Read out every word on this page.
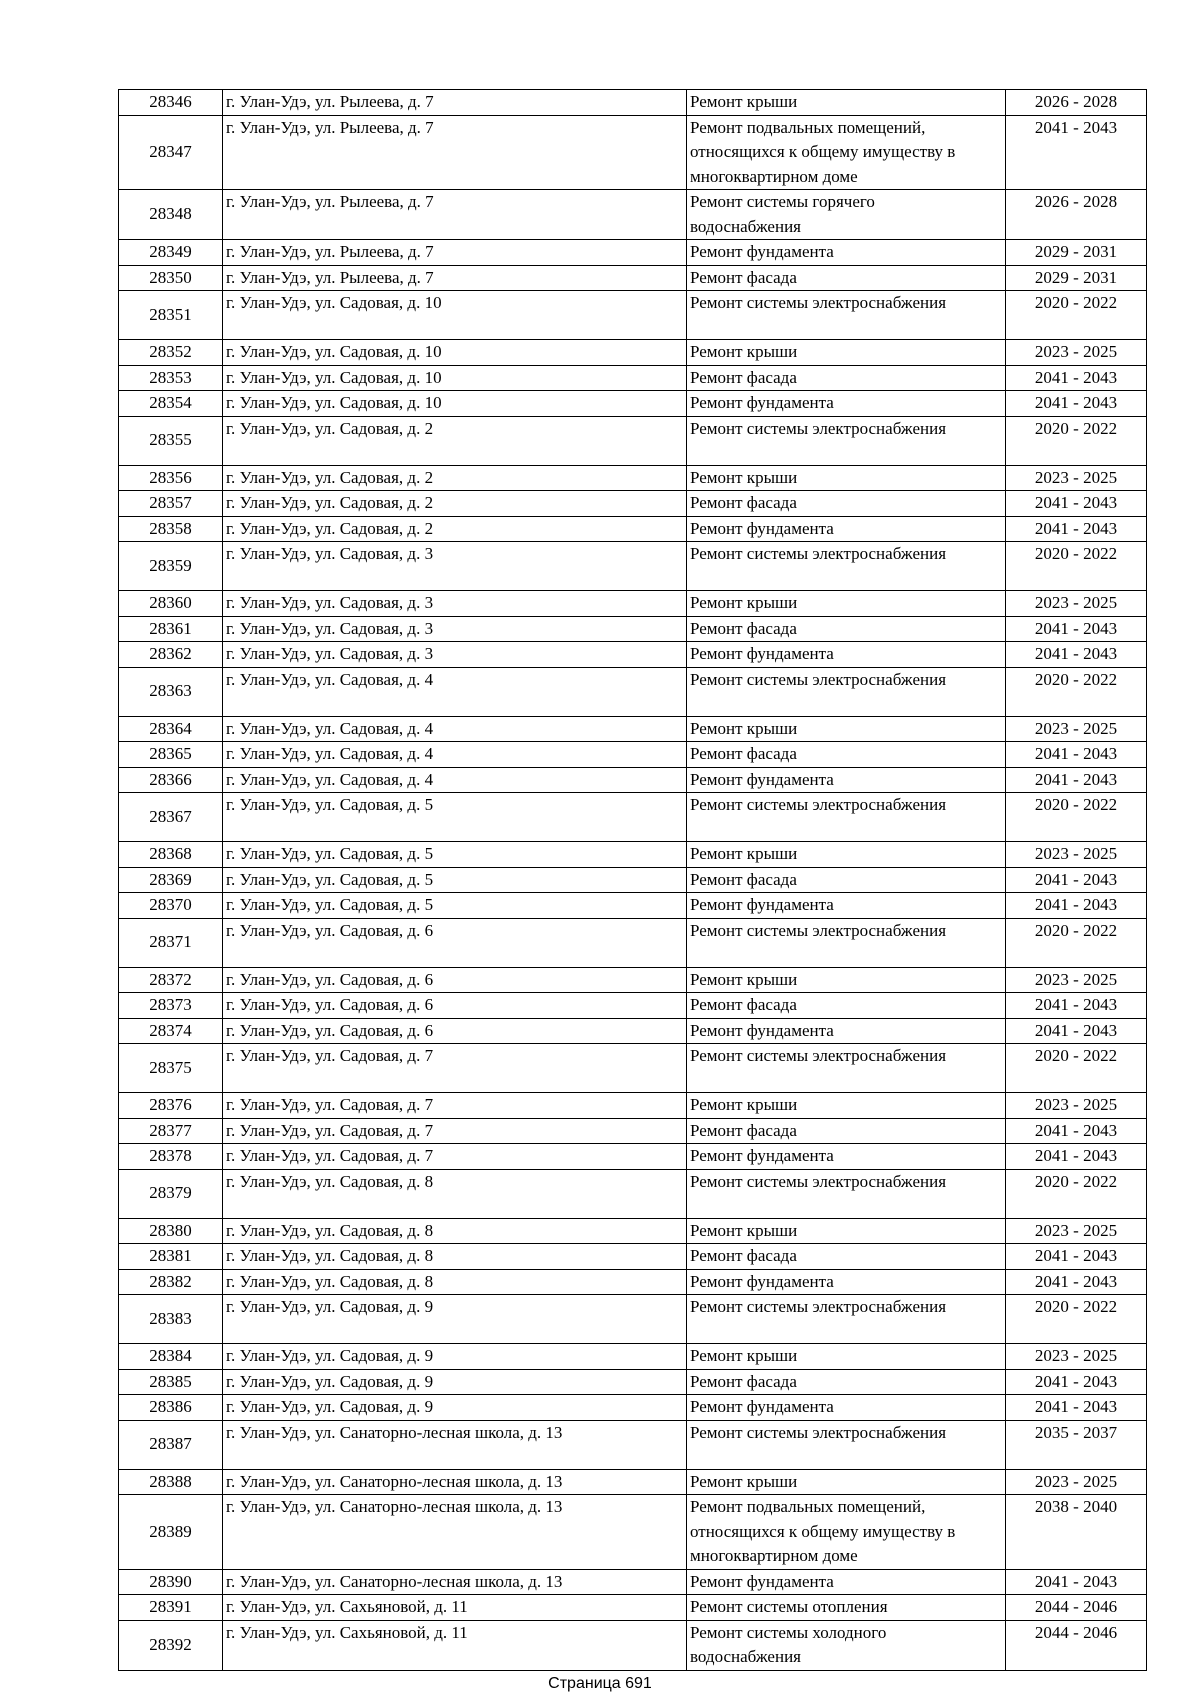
28346	г. Улан-Удэ, ул. Рылеева, д. 7	Ремонт крыши	2026 - 2028
28347	г. Улан-Удэ, ул. Рылеева, д. 7	Ремонт подвальных помещений,
относящихся к общему имуществу в
многоквартирном доме	2041 - 2043
28348	г. Улан-Удэ, ул. Рылеева, д. 7	Ремонт системы горячего
водоснабжения	2026 - 2028
28349	г. Улан-Удэ, ул. Рылеева, д. 7	Ремонт фундамента	2029 - 2031
28350	г. Улан-Удэ, ул. Рылеева, д. 7	Ремонт фасада	2029 - 2031
28351	г. Улан-Удэ, ул. Садовая, д. 10	Ремонт системы электроснабжения	2020 - 2022
28352	г. Улан-Удэ, ул. Садовая, д. 10	Ремонт крыши	2023 - 2025
28353	г. Улан-Удэ, ул. Садовая, д. 10	Ремонт фасада	2041 - 2043
28354	г. Улан-Удэ, ул. Садовая, д. 10	Ремонт фундамента	2041 - 2043
28355	г. Улан-Удэ, ул. Садовая, д. 2	Ремонт системы электроснабжения	2020 - 2022
28356	г. Улан-Удэ, ул. Садовая, д. 2	Ремонт крыши	2023 - 2025
28357	г. Улан-Удэ, ул. Садовая, д. 2	Ремонт фасада	2041 - 2043
28358	г. Улан-Удэ, ул. Садовая, д. 2	Ремонт фундамента	2041 - 2043
28359	г. Улан-Удэ, ул. Садовая, д. 3	Ремонт системы электроснабжения	2020 - 2022
28360	г. Улан-Удэ, ул. Садовая, д. 3	Ремонт крыши	2023 - 2025
28361	г. Улан-Удэ, ул. Садовая, д. 3	Ремонт фасада	2041 - 2043
28362	г. Улан-Удэ, ул. Садовая, д. 3	Ремонт фундамента	2041 - 2043
28363	г. Улан-Удэ, ул. Садовая, д. 4	Ремонт системы электроснабжения	2020 - 2022
28364	г. Улан-Удэ, ул. Садовая, д. 4	Ремонт крыши	2023 - 2025
28365	г. Улан-Удэ, ул. Садовая, д. 4	Ремонт фасада	2041 - 2043
28366	г. Улан-Удэ, ул. Садовая, д. 4	Ремонт фундамента	2041 - 2043
28367	г. Улан-Удэ, ул. Садовая, д. 5	Ремонт системы электроснабжения	2020 - 2022
28368	г. Улан-Удэ, ул. Садовая, д. 5	Ремонт крыши	2023 - 2025
28369	г. Улан-Удэ, ул. Садовая, д. 5	Ремонт фасада	2041 - 2043
28370	г. Улан-Удэ, ул. Садовая, д. 5	Ремонт фундамента	2041 - 2043
28371	г. Улан-Удэ, ул. Садовая, д. 6	Ремонт системы электроснабжения	2020 - 2022
28372	г. Улан-Удэ, ул. Садовая, д. 6	Ремонт крыши	2023 - 2025
28373	г. Улан-Удэ, ул. Садовая, д. 6	Ремонт фасада	2041 - 2043
28374	г. Улан-Удэ, ул. Садовая, д. 6	Ремонт фундамента	2041 - 2043
28375	г. Улан-Удэ, ул. Садовая, д. 7	Ремонт системы электроснабжения	2020 - 2022
28376	г. Улан-Удэ, ул. Садовая, д. 7	Ремонт крыши	2023 - 2025
28377	г. Улан-Удэ, ул. Садовая, д. 7	Ремонт фасада	2041 - 2043
28378	г. Улан-Удэ, ул. Садовая, д. 7	Ремонт фундамента	2041 - 2043
28379	г. Улан-Удэ, ул. Садовая, д. 8	Ремонт системы электроснабжения	2020 - 2022
28380	г. Улан-Удэ, ул. Садовая, д. 8	Ремонт крыши	2023 - 2025
28381	г. Улан-Удэ, ул. Садовая, д. 8	Ремонт фасада	2041 - 2043
28382	г. Улан-Удэ, ул. Садовая, д. 8	Ремонт фундамента	2041 - 2043
28383	г. Улан-Удэ, ул. Садовая, д. 9	Ремонт системы электроснабжения	2020 - 2022
28384	г. Улан-Удэ, ул. Садовая, д. 9	Ремонт крыши	2023 - 2025
28385	г. Улан-Удэ, ул. Садовая, д. 9	Ремонт фасада	2041 - 2043
28386	г. Улан-Удэ, ул. Садовая, д. 9	Ремонт фундамента	2041 - 2043
28387	г. Улан-Удэ, ул. Санаторно-лесная школа, д. 13	Ремонт системы электроснабжения	2035 - 2037
28388	г. Улан-Удэ, ул. Санаторно-лесная школа, д. 13	Ремонт крыши	2023 - 2025
28389	г. Улан-Удэ, ул. Санаторно-лесная школа, д. 13	Ремонт подвальных помещений,
относящихся к общему имуществу в
многоквартирном доме	2038 - 2040
28390	г. Улан-Удэ, ул. Санаторно-лесная школа, д. 13	Ремонт фундамента	2041 - 2043
28391	г. Улан-Удэ, ул. Сахьяновой, д. 11	Ремонт системы отопления	2044 - 2046
28392	г. Улан-Удэ, ул. Сахьяновой, д. 11	Ремонт системы холодного
водоснабжения	2044 - 2046
Страница 691
